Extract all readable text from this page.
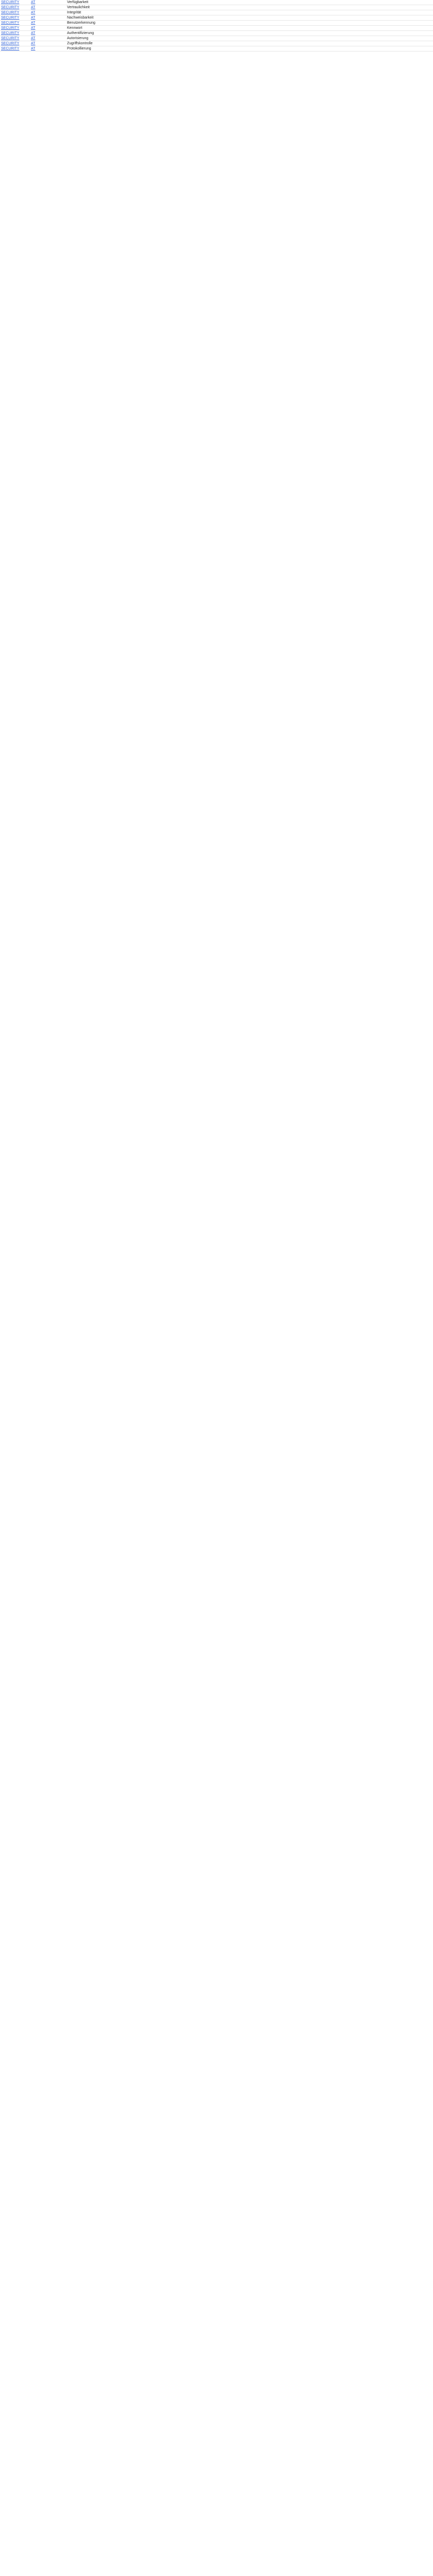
SECURITY	AT	Verfügbarkeit
SECURITY	AT	Vertraulichkeit
SECURITY	AT	Integrität
SECURITY	AT	Nachweisbarkeit
SECURITY	AT	Benutzerkennung
SECURITY	AT	Kennwort
SECURITY	AT	Authentifizierung
SECURITY	AT	Autorisierung
SECURITY	AT	Zugriffskontrolle
SECURITY	AT	Protokollierung
